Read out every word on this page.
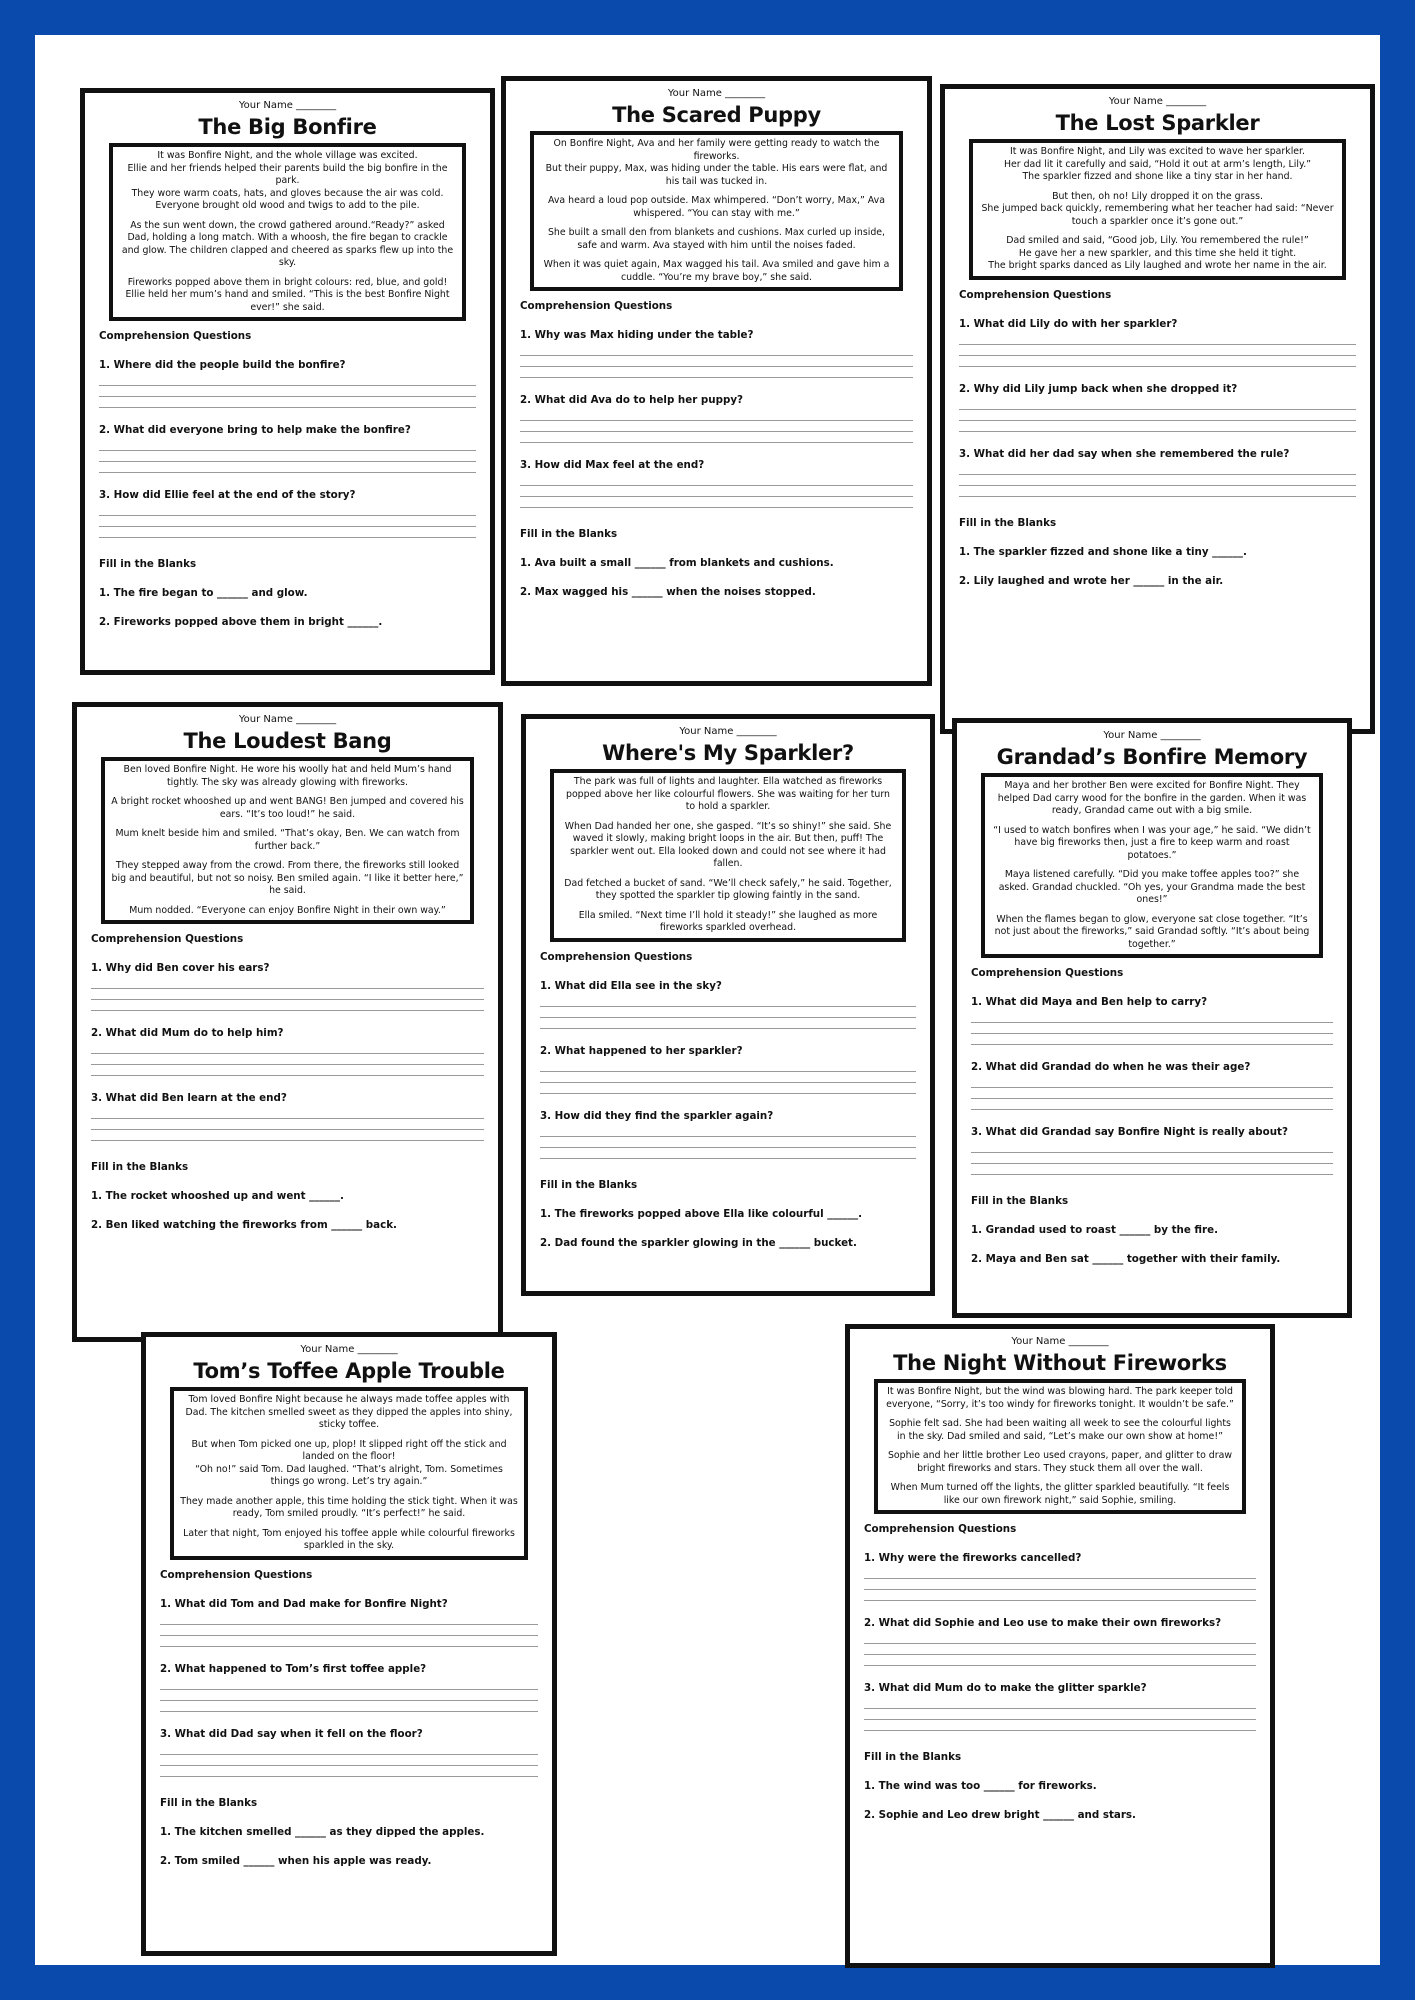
Your Name ________
The Big Bonfire

It was Bonfire Night, and the whole village was excited.
Ellie and her friends helped their parents build the big bonfire in the park.
They wore warm coats, hats, and gloves because the air was cold.
Everyone brought old wood and twigs to add to the pile.

As the sun went down, the crowd gathered around.“Ready?” asked Dad, holding a long match. With a whoosh, the fire began to crackle and glow. The children clapped and cheered as sparks flew up into the sky.

Fireworks popped above them in bright colours: red, blue, and gold! Ellie held her mum’s hand and smiled. “This is the best Bonfire Night ever!” she said.

Comprehension Questions
1. Where did the people build the bonfire?
2. What did everyone bring to help make the bonfire?
3. How did Ellie feel at the end of the story?
Fill in the Blanks
1. The fire began to ______ and glow.
2. Fireworks popped above them in bright ______.
Your Name ________
The Scared Puppy

On Bonfire Night, Ava and her family were getting ready to watch the fireworks.
But their puppy, Max, was hiding under the table. His ears were flat, and his tail was tucked in.

Ava heard a loud pop outside. Max whimpered. “Don’t worry, Max,” Ava whispered. “You can stay with me.”

She built a small den from blankets and cushions. Max curled up inside, safe and warm. Ava stayed with him until the noises faded.

When it was quiet again, Max wagged his tail. Ava smiled and gave him a cuddle. “You’re my brave boy,” she said.

Comprehension Questions
1. Why was Max hiding under the table?
2. What did Ava do to help her puppy?
3. How did Max feel at the end?
Fill in the Blanks
1. Ava built a small ______ from blankets and cushions.
2. Max wagged his ______ when the noises stopped.
Your Name ________
The Lost Sparkler

It was Bonfire Night, and Lily was excited to wave her sparkler.
Her dad lit it carefully and said, “Hold it out at arm’s length, Lily.”
The sparkler fizzed and shone like a tiny star in her hand.

But then, oh no! Lily dropped it on the grass.
She jumped back quickly, remembering what her teacher had said: “Never touch a sparkler once it’s gone out.”

Dad smiled and said, “Good job, Lily. You remembered the rule!”
He gave her a new sparkler, and this time she held it tight.
The bright sparks danced as Lily laughed and wrote her name in the air.

Comprehension Questions
1. What did Lily do with her sparkler?
2. Why did Lily jump back when she dropped it?
3. What did her dad say when she remembered the rule?
Fill in the Blanks
1. The sparkler fizzed and shone like a tiny ______.
2. Lily laughed and wrote her ______ in the air.
Your Name ________
The Loudest Bang

Ben loved Bonfire Night. He wore his woolly hat and held Mum’s hand tightly. The sky was already glowing with fireworks.

A bright rocket whooshed up and went BANG! Ben jumped and covered his ears. “It’s too loud!” he said.

Mum knelt beside him and smiled. “That’s okay, Ben. We can watch from further back.”

They stepped away from the crowd. From there, the fireworks still looked big and beautiful, but not so noisy. Ben smiled again. “I like it better here,” he said.

Mum nodded. “Everyone can enjoy Bonfire Night in their own way.”

Comprehension Questions
1. Why did Ben cover his ears?
2. What did Mum do to help him?
3. What did Ben learn at the end?
Fill in the Blanks
1. The rocket whooshed up and went ______.
2. Ben liked watching the fireworks from ______ back.
Your Name ________
Where's My Sparkler?

The park was full of lights and laughter. Ella watched as fireworks popped above her like colourful flowers. She was waiting for her turn to hold a sparkler.

When Dad handed her one, she gasped. “It’s so shiny!” she said. She waved it slowly, making bright loops in the air. But then, puff! The sparkler went out. Ella looked down and could not see where it had fallen.

Dad fetched a bucket of sand. “We’ll check safely,” he said. Together, they spotted the sparkler tip glowing faintly in the sand.

Ella smiled. “Next time I’ll hold it steady!” she laughed as more fireworks sparkled overhead.

Comprehension Questions
1. What did Ella see in the sky?
2. What happened to her sparkler?
3. How did they find the sparkler again?
Fill in the Blanks
1. The fireworks popped above Ella like colourful ______.
2. Dad found the sparkler glowing in the ______ bucket.
Your Name ________
Grandad’s Bonfire Memory

Maya and her brother Ben were excited for Bonfire Night. They helped Dad carry wood for the bonfire in the garden. When it was ready, Grandad came out with a big smile.

“I used to watch bonfires when I was your age,” he said. “We didn’t have big fireworks then, just a fire to keep warm and roast potatoes.”

Maya listened carefully. “Did you make toffee apples too?” she asked. Grandad chuckled. “Oh yes, your Grandma made the best ones!”

When the flames began to glow, everyone sat close together. “It’s not just about the fireworks,” said Grandad softly. “It’s about being together.”

Comprehension Questions
1. What did Maya and Ben help to carry?
2. What did Grandad do when he was their age?
3. What did Grandad say Bonfire Night is really about?
Fill in the Blanks
1. Grandad used to roast ______ by the fire.
2. Maya and Ben sat ______ together with their family.
Your Name ________
Tom’s Toffee Apple Trouble

Tom loved Bonfire Night because he always made toffee apples with Dad. The kitchen smelled sweet as they dipped the apples into shiny, sticky toffee.

But when Tom picked one up, plop! It slipped right off the stick and landed on the floor!
“Oh no!” said Tom. Dad laughed. “That’s alright, Tom. Sometimes things go wrong. Let’s try again.”

They made another apple, this time holding the stick tight. When it was ready, Tom smiled proudly. “It’s perfect!” he said.

Later that night, Tom enjoyed his toffee apple while colourful fireworks sparkled in the sky.

Comprehension Questions
1. What did Tom and Dad make for Bonfire Night?
2. What happened to Tom’s first toffee apple?
3. What did Dad say when it fell on the floor?
Fill in the Blanks
1. The kitchen smelled ______ as they dipped the apples.
2. Tom smiled ______ when his apple was ready.
Your Name ________
The Night Without Fireworks

It was Bonfire Night, but the wind was blowing hard. The park keeper told everyone, “Sorry, it’s too windy for fireworks tonight. It wouldn’t be safe.”

Sophie felt sad. She had been waiting all week to see the colourful lights in the sky. Dad smiled and said, “Let’s make our own show at home!”

Sophie and her little brother Leo used crayons, paper, and glitter to draw bright fireworks and stars. They stuck them all over the wall.

When Mum turned off the lights, the glitter sparkled beautifully. “It feels like our own firework night,” said Sophie, smiling.

Comprehension Questions
1. Why were the fireworks cancelled?
2. What did Sophie and Leo use to make their own fireworks?
3. What did Mum do to make the glitter sparkle?
Fill in the Blanks
1. The wind was too ______ for fireworks.
2. Sophie and Leo drew bright ______ and stars.
